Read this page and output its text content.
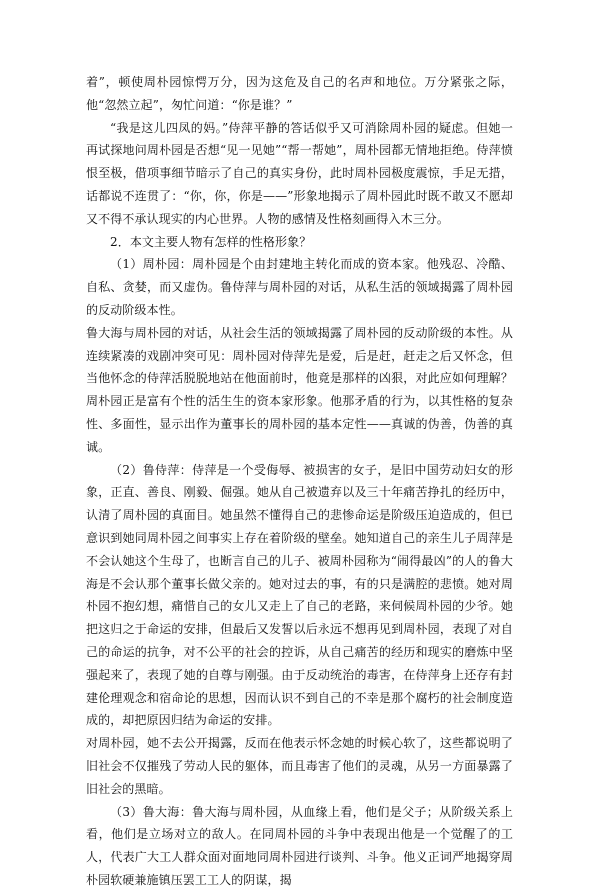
着”，顿使周朴园惊愕万分，因为这危及自己的名声和地位。万分紧张之际，他“忽然立起”，匆忙问道：“你是谁？”

“我是这儿四凤的妈。”侍萍平静的答话似乎又可消除周朴园的疑虑。但她一再试探地问周朴园是否想“见一见她”“帮一帮她”，周朴园都无情地拒绝。侍萍愤恨至极，借项事细节暗示了自己的真实身份，此时周朴园极度震惊，手足无措，话都说不连贯了：“你，你，你是——”形象地揭示了周朴园此时既不敢又不愿却又不得不承认现实的内心世界。人物的感情及性格刻画得入木三分。

2．本文主要人物有怎样的性格形象？

（1）周朴园：周朴园是个由封建地主转化而成的资本家。他残忍、冷酷、自私、贪婪，而又虚伪。鲁侍萍与周朴园的对话，从私生活的领域揭露了周朴园的反动阶级本性。

鲁大海与周朴园的对话，从社会生活的领域揭露了周朴园的反动阶级的本性。从连续紧凑的戏剧冲突可见：周朴园对侍萍先是爱，后是赶，赶走之后又怀念，但当他怀念的侍萍活脱脱地站在他面前时，他竟是那样的凶狠，对此应如何理解？周朴园正是富有个性的活生生的资本家形象。他那矛盾的行为，以其性格的复杂性、多面性，显示出作为董事长的周朴园的基本定性——真诚的伪善，伪善的真诚。

（2）鲁侍萍：侍萍是一个受侮辱、被损害的女子，是旧中国劳动妇女的形象，正直、善良、刚毅、倔强。她从自己被遗弃以及三十年痛苦挣扎的经历中，认清了周朴园的真面目。她虽然不懂得自己的悲惨命运是阶级压迫造成的，但已意识到她同周朴园之间事实上存在着阶级的壁垒。她知道自己的亲生儿子周萍是不会认她这个生母了，也断言自己的儿子、被周朴园称为“闹得最凶”的人的鲁大海是不会认那个董事长做父亲的。她对过去的事，有的只是满腔的悲愤。她对周朴园不抱幻想，痛惜自己的女儿又走上了自己的老路，来伺候周朴园的少爷。她把这归之于命运的安排，但最后又发誓以后永远不想再见到周朴园，表现了对自己的命运的抗争，对不公平的社会的控诉，从自己痛苦的经历和现实的磨炼中坚强起来了，表现了她的自尊与刚强。由于反动统治的毒害，在侍萍身上还存有封建伦理观念和宿命论的思想，因而认识不到自己的不幸是那个腐朽的社会制度造成的，却把原因归结为命运的安排。

对周朴园，她不去公开揭露，反而在他表示怀念她的时候心软了，这些都说明了旧社会不仅摧残了劳动人民的躯体，而且毒害了他们的灵魂，从另一方面暴露了旧社会的黑暗。

（3）鲁大海：鲁大海与周朴园，从血缘上看，他们是父子；从阶级关系上看，他们是立场对立的敌人。在同周朴园的斗争中表现出他是一个觉醒了的工人，代表广大工人群众面对面地同周朴园进行谈判、斗争。他义正词严地揭穿周朴园软硬兼施镇压罢工工人的阴谋，揭
